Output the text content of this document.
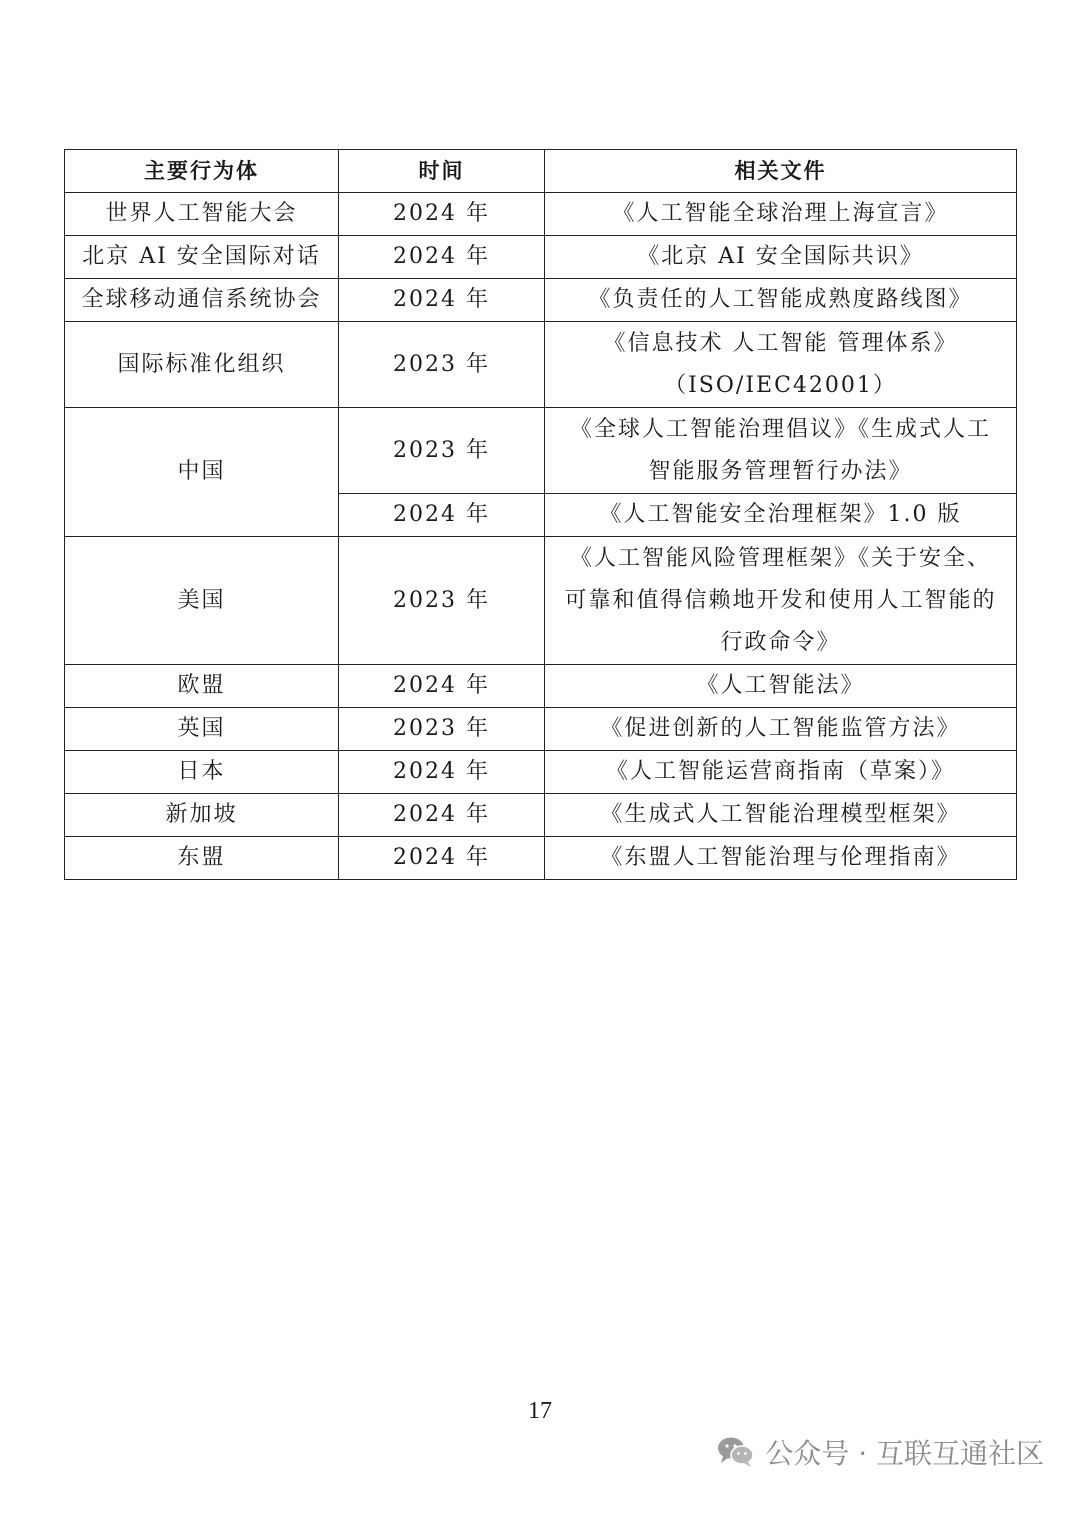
主要行为体	时间	相关文件
世界人工智能大会	2024 年	《人工智能全球治理上海宣言》
北京 AI 安全国际对话	2024 年	《北京 AI 安全国际共识》
全球移动通信系统协会	2024 年	《负责任的人工智能成熟度路线图》
国际标准化组织	2023 年	《信息技术 人工智能 管理体系》
（ISO/IEC42001）

中国	2023 年	《全球人工智能治理倡议》《生成式人工
智能服务管理暂行办法》

	2024 年	《人工智能安全治理框架》1.0 版
美国	2023 年	《人工智能风险管理框架》《关于安全、
可靠和值得信赖地开发和使用人工智能的
行政命令》

欧盟	2024 年	《人工智能法》
英国	2023 年	《促进创新的人工智能监管方法》
日本	2024 年	《人工智能运营商指南（草案）》
新加坡	2024 年	《生成式人工智能治理模型框架》
东盟	2024 年	《东盟人工智能治理与伦理指南》
17
公众号 · 互联互通社区
